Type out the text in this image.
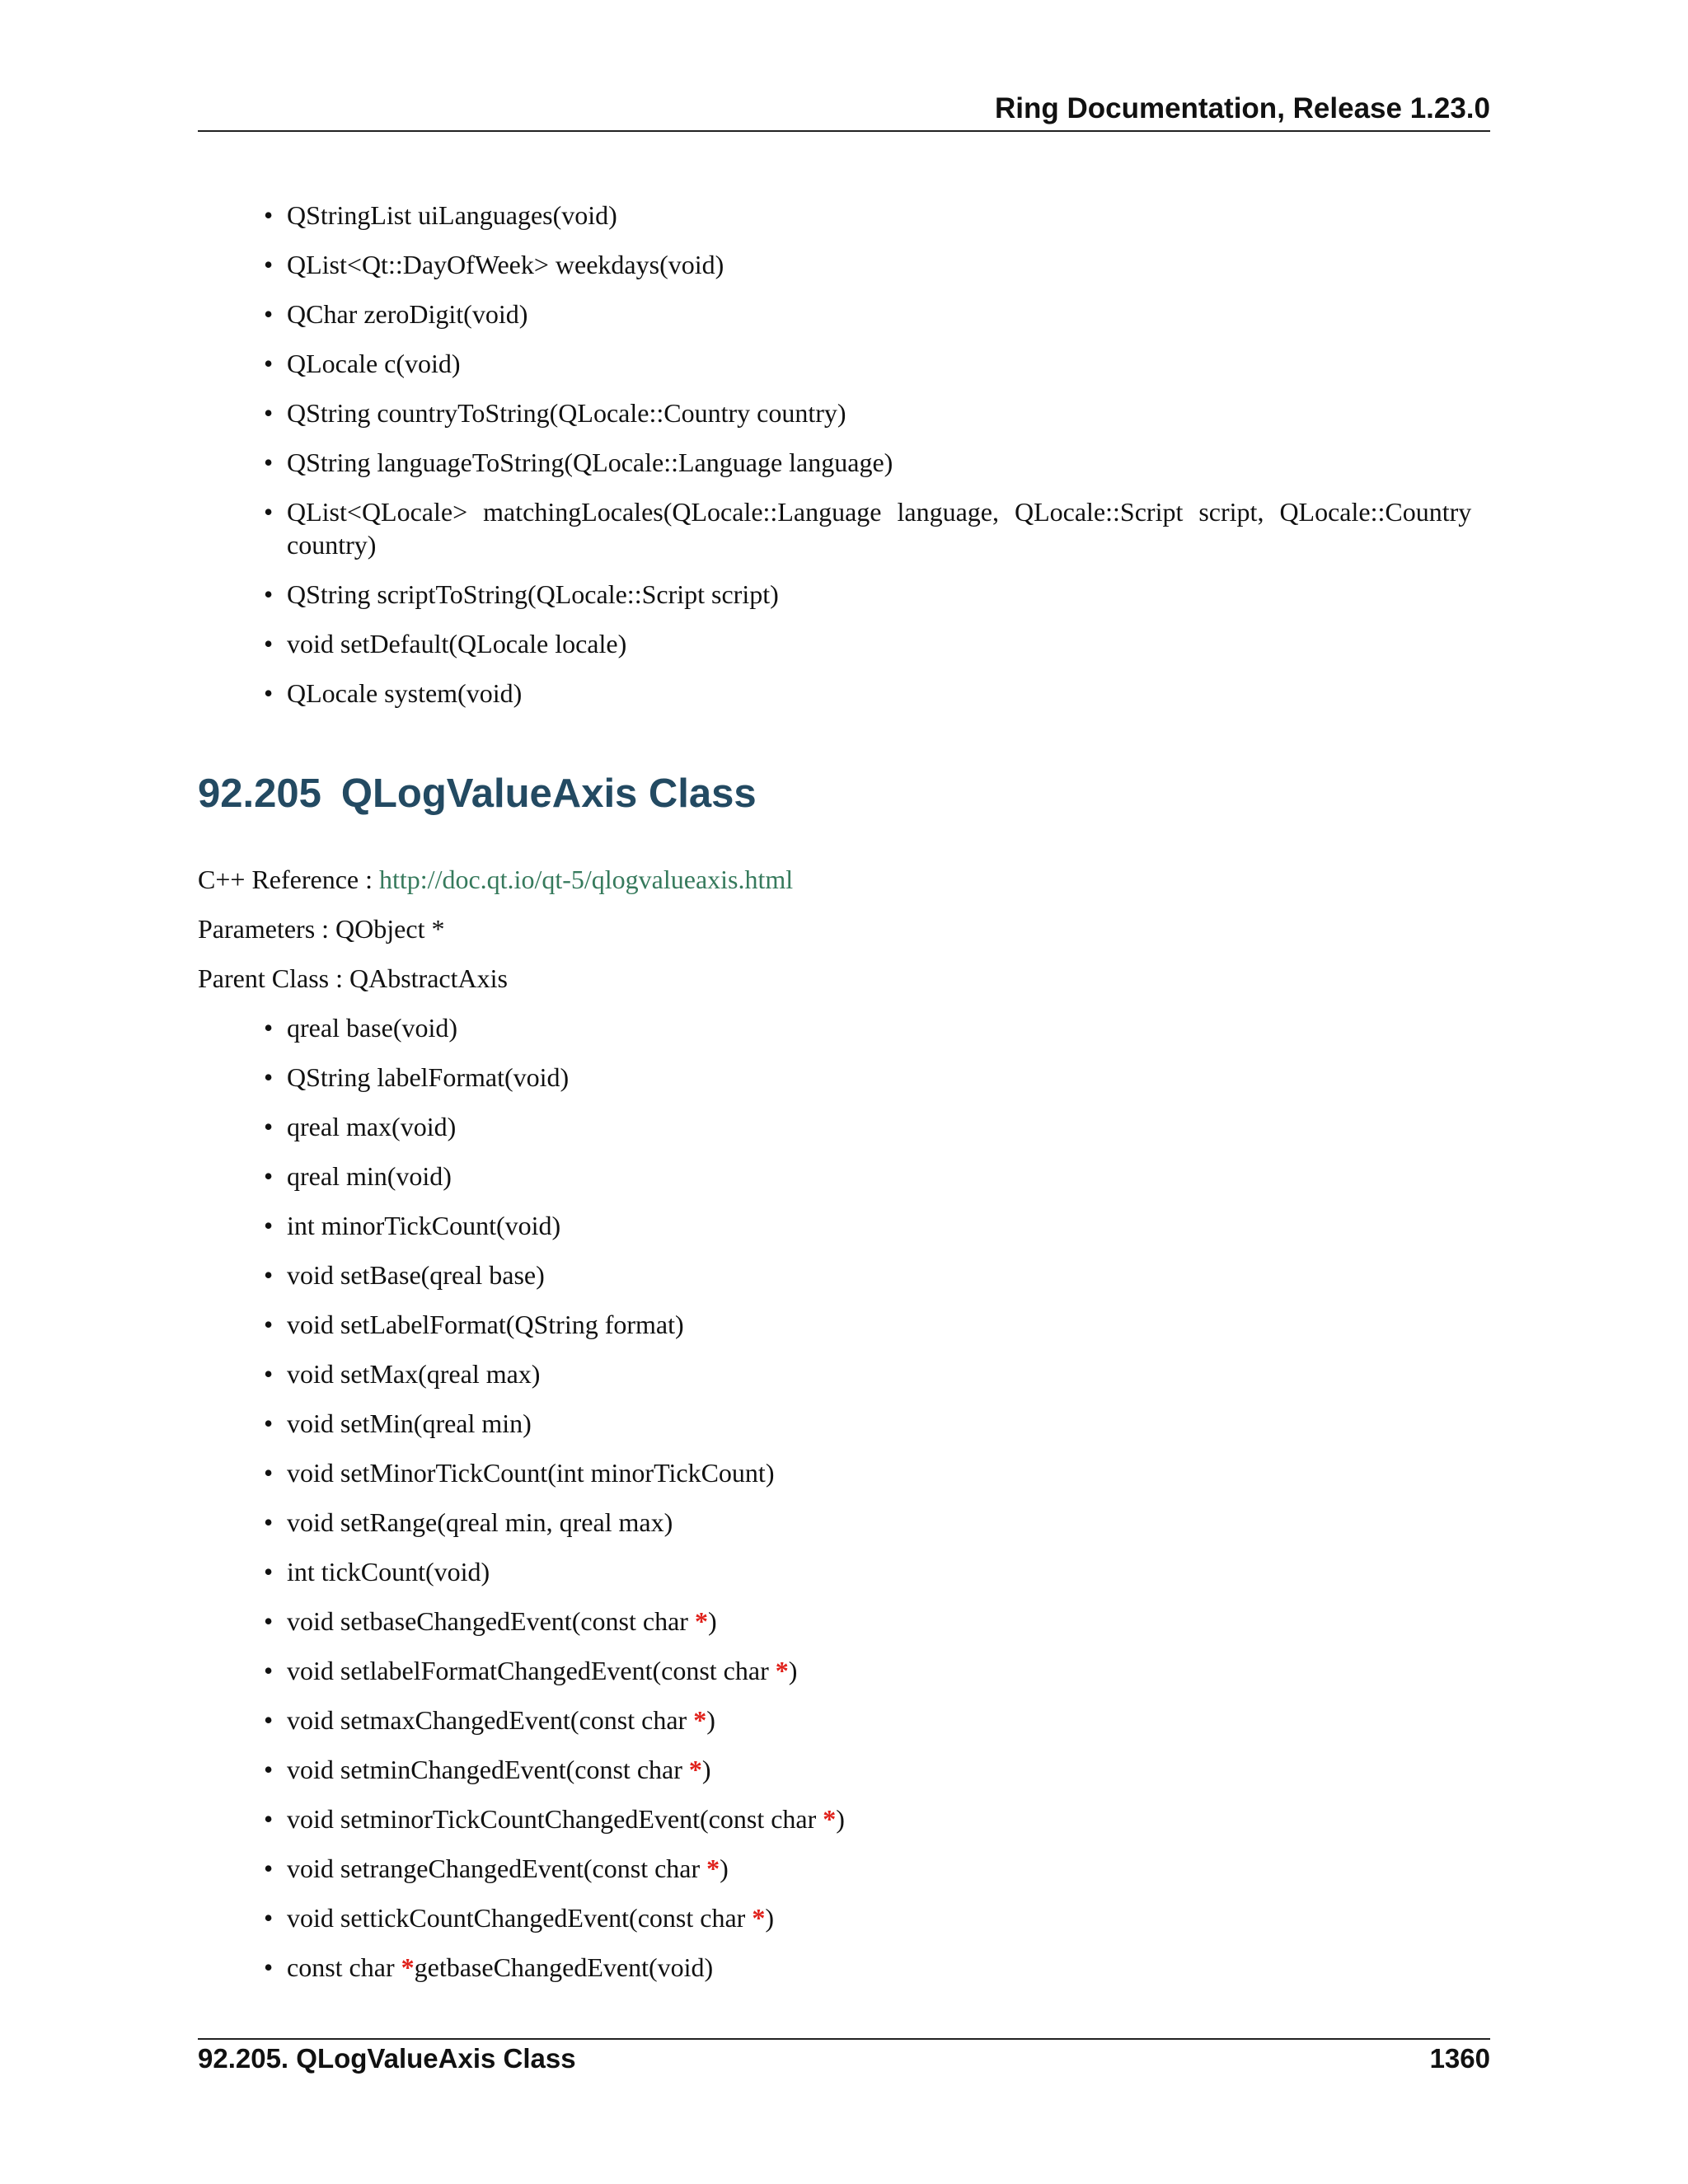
Ring Documentation, Release 1.23.0
• QStringList uiLanguages(void)
• QList<Qt::DayOfWeek> weekdays(void)
• QChar zeroDigit(void)
• QLocale c(void)
• QString countryToString(QLocale::Country country)
• QString languageToString(QLocale::Language language)
• QList<QLocale> matchingLocales(QLocale::Language language, QLocale::Script script, QLocale::Country
country)
• QString scriptToString(QLocale::Script script)
• void setDefault(QLocale locale)
• QLocale system(void)
92.205 QLogValueAxis Class
C++ Reference : http://doc.qt.io/qt-5/qlogvalueaxis.html
Parameters : QObject *
Parent Class : QAbstractAxis
• qreal base(void)
• QString labelFormat(void)
• qreal max(void)
• qreal min(void)
• int minorTickCount(void)
• void setBase(qreal base)
• void setLabelFormat(QString format)
• void setMax(qreal max)
• void setMin(qreal min)
• void setMinorTickCount(int minorTickCount)
• void setRange(qreal min, qreal max)
• int tickCount(void)
• void setbaseChangedEvent(const char *)
• void setlabelFormatChangedEvent(const char *)
• void setmaxChangedEvent(const char *)
• void setminChangedEvent(const char *)
• void setminorTickCountChangedEvent(const char *)
• void setrangeChangedEvent(const char *)
• void settickCountChangedEvent(const char *)
• const char *getbaseChangedEvent(void)
92.205. QLogValueAxis Class	1360
